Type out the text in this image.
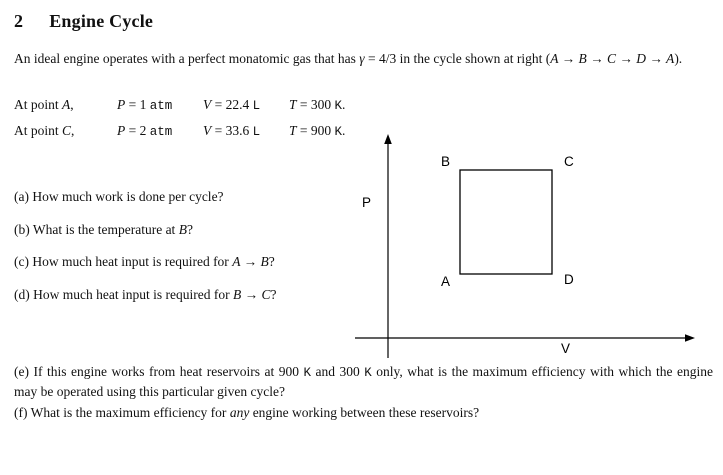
2 Engine Cycle
An ideal engine operates with a perfect monatomic gas that has γ = 4/3 in the cycle shown at right (A → B → C → D → A).
At point A,	P = 1 atm	V = 22.4 L	T = 300 K.
At point C,	P = 2 atm	V = 33.6 L	T = 900 K.
(a) How much work is done per cycle?
(b) What is the temperature at B?
(c) How much heat input is required for A → B?
(d) How much heat input is required for B → C?
B	C
A	D
P
V
(e) If this engine works from heat reservoirs at 900 K and 300 K only, what is the maximum efficiency with which the engine may be operated using this particular given cycle?
(f) What is the maximum efficiency for any engine working between these reservoirs?
